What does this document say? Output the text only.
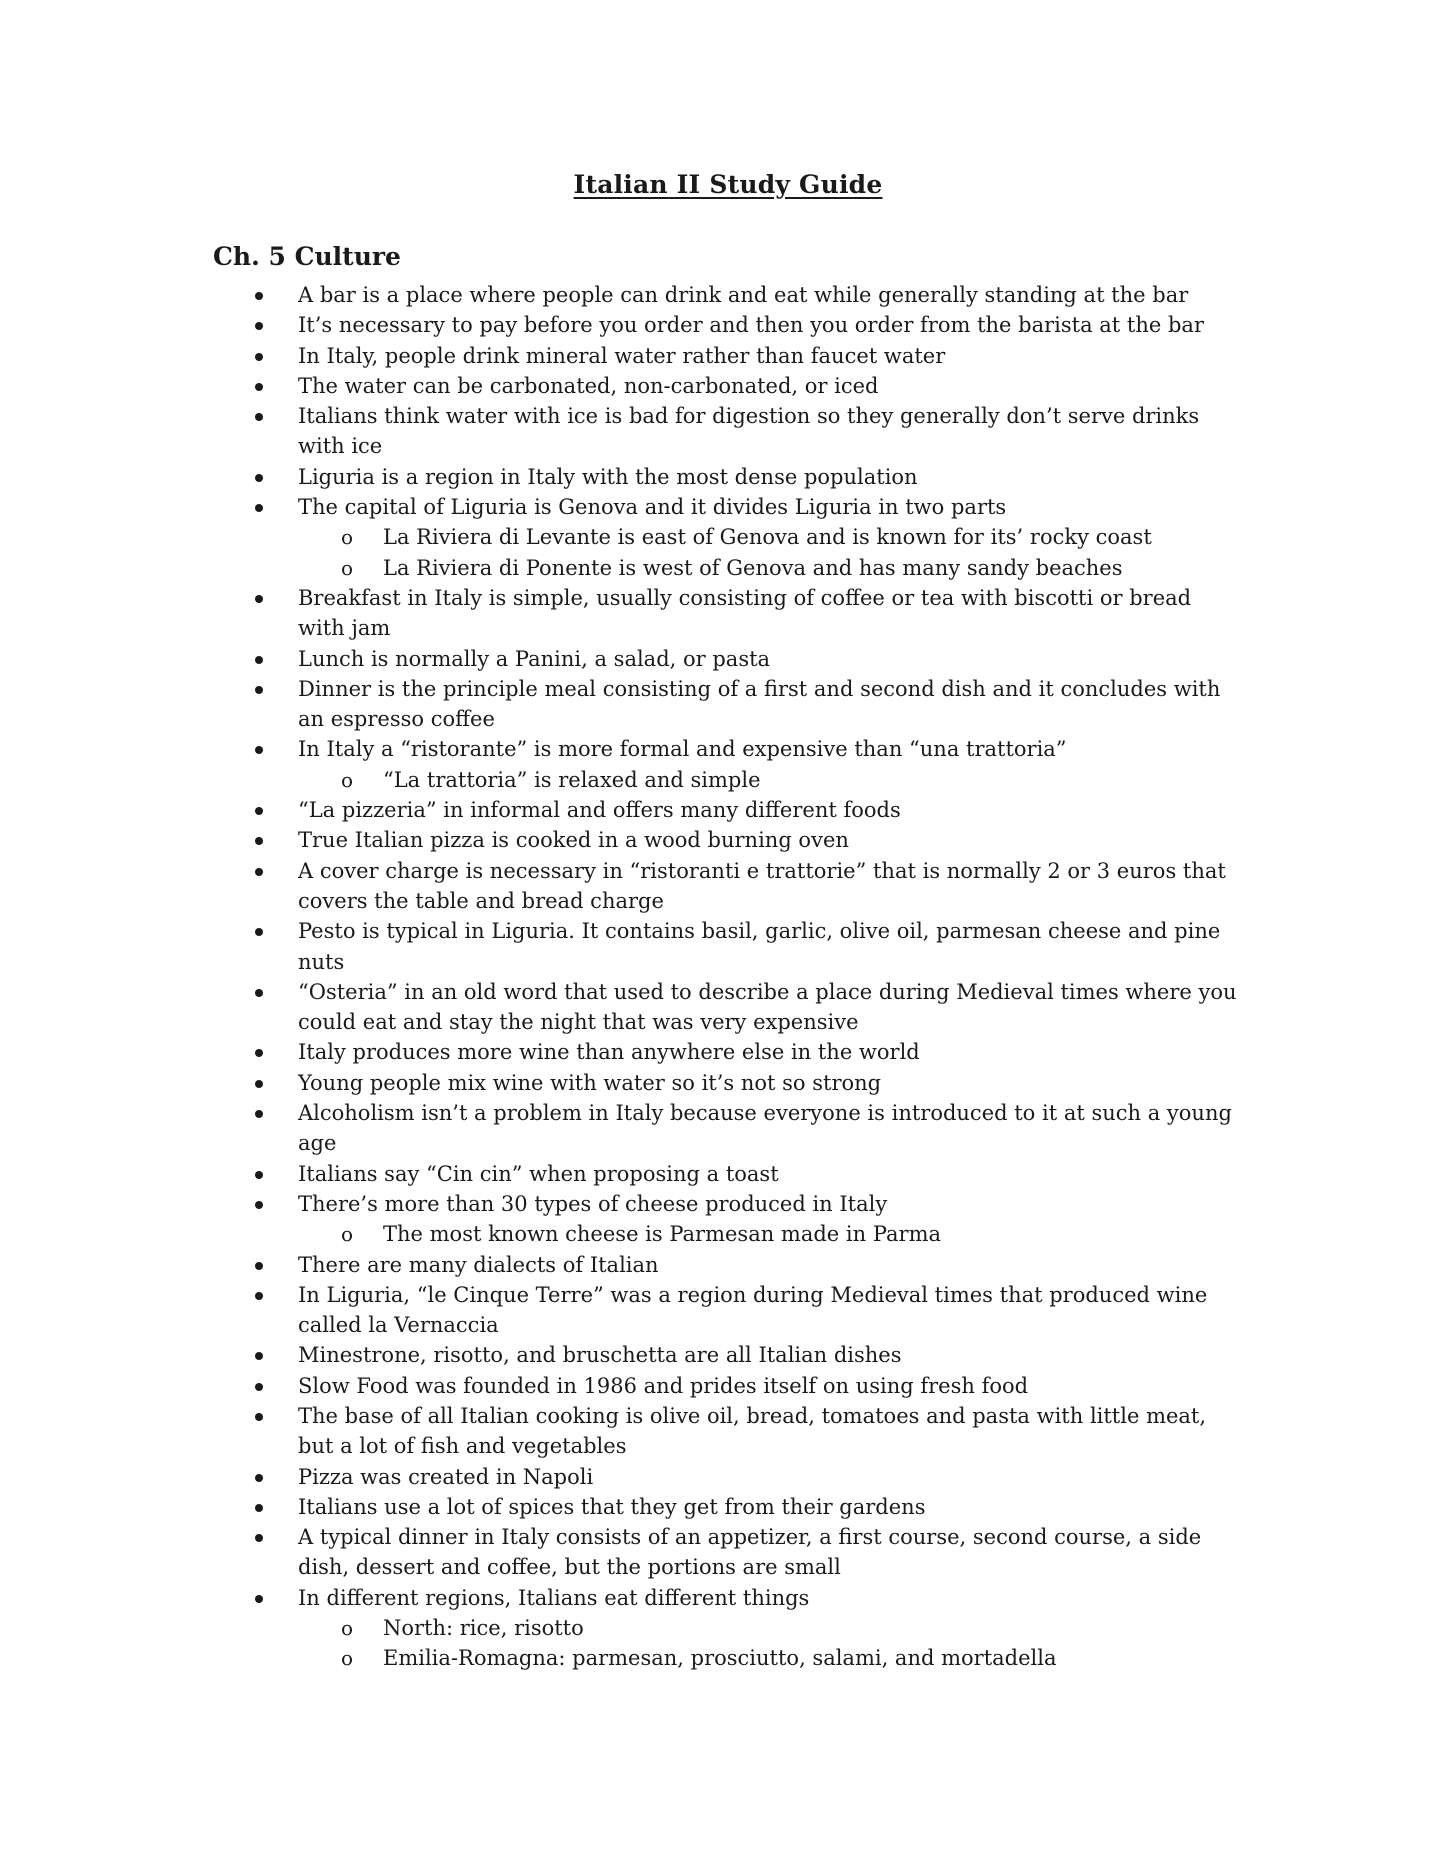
Italian II Study Guide
Ch. 5 Culture
A bar is a place where people can drink and eat while generally standing at the bar
It’s necessary to pay before you order and then you order from the barista at the bar
In Italy, people drink mineral water rather than faucet water
The water can be carbonated, non-carbonated, or iced
Italians think water with ice is bad for digestion so they generally don’t serve drinks with ice
Liguria is a region in Italy with the most dense population
The capital of Liguria is Genova and it divides Liguria in two parts
o La Riviera di Levante is east of Genova and is known for its’ rocky coast
o La Riviera di Ponente is west of Genova and has many sandy beaches
Breakfast in Italy is simple, usually consisting of coffee or tea with biscotti or bread with jam
Lunch is normally a Panini, a salad, or pasta
Dinner is the principle meal consisting of a first and second dish and it concludes with an espresso coffee
In Italy a “ristorante” is more formal and expensive than “una trattoria”
o “La trattoria” is relaxed and simple
“La pizzeria” in informal and offers many different foods
True Italian pizza is cooked in a wood burning oven
A cover charge is necessary in “ristoranti e trattorie” that is normally 2 or 3 euros that covers the table and bread charge
Pesto is typical in Liguria. It contains basil, garlic, olive oil, parmesan cheese and pine nuts
“Osteria” in an old word that used to describe a place during Medieval times where you could eat and stay the night that was very expensive
Italy produces more wine than anywhere else in the world
Young people mix wine with water so it’s not so strong
Alcoholism isn’t a problem in Italy because everyone is introduced to it at such a young age
Italians say “Cin cin” when proposing a toast
There’s more than 30 types of cheese produced in Italy
o The most known cheese is Parmesan made in Parma
There are many dialects of Italian
In Liguria, “le Cinque Terre” was a region during Medieval times that produced wine called la Vernaccia
Minestrone, risotto, and bruschetta are all Italian dishes
Slow Food was founded in 1986 and prides itself on using fresh food
The base of all Italian cooking is olive oil, bread, tomatoes and pasta with little meat, but a lot of fish and vegetables
Pizza was created in Napoli
Italians use a lot of spices that they get from their gardens
A typical dinner in Italy consists of an appetizer, a first course, second course, a side dish, dessert and coffee, but the portions are small
In different regions, Italians eat different things
o North: rice, risotto
o Emilia-Romagna: parmesan, prosciutto, salami, and mortadella
